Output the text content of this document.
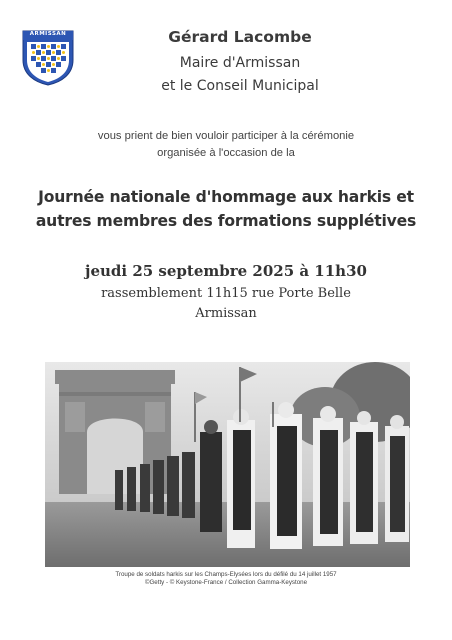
ARMISSAN	Gérard Lacombe
Maire d'Armissan
et le Conseil Municipal
vous prient de bien vouloir participer à la cérémonie
organisée à l'occasion de la
Journée nationale d'hommage aux harkis et
autres membres des formations supplétives
jeudi 25 septembre 2025 à 11h30
rassemblement 11h15 rue Porte Belle
Armissan
Troupe de soldats harkis sur les Champs-Elysées lors du défilé du 14 juillet 1957
©Getty - © Keystone-France / Collection Gamma-Keystone
